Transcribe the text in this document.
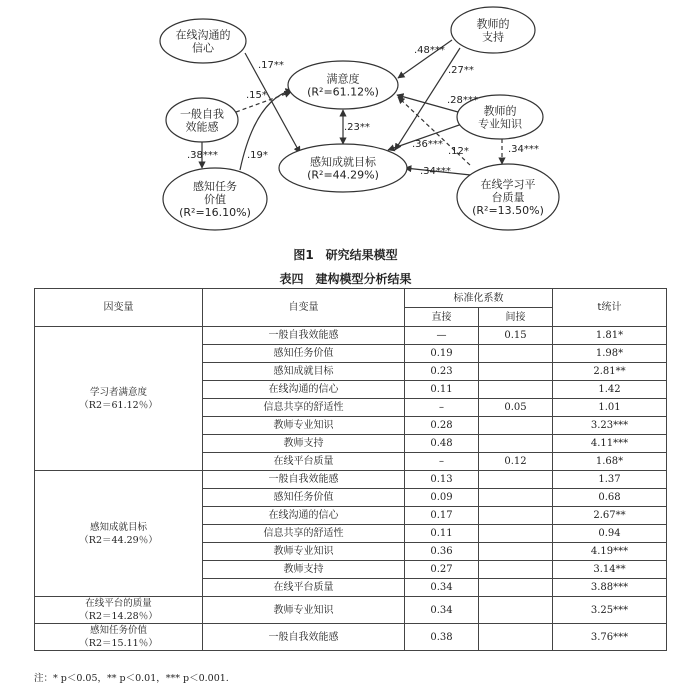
在线沟通的
信心
一般自我
效能感
感知任务
价值
(R²=16.10%)
满意度
(R²=61.12%)
感知成就目标
(R²=44.29%)
教师的
支持
教师的
专业知识
在线学习平
台质量
(R²=13.50%)
.17**
.15*
.38***	.19*
.23**
.48***
.27**
.28***
.36***
.12*
.34***
.34***
图1　研究结果模型
表四　建构模型分析结果
因变量	自变量	标准化系数		t统计
		直接	间接	

学习者满意度
（R2＝61.12％）	一般自我效能感	—	0.15	1.81*
	感知任务价值	0.19		1.98*
	感知成就目标	0.23		2.81**
	在线沟通的信心	0.11		1.42
	信息共享的舒适性	–	0.05	1.01
	教师专业知识	0.28		3.23***
	教师支持	0.48		4.11***
	在线平台质量	–	0.12	1.68*

感知成就目标
（R2＝44.29％）	一般自我效能感	0.13		1.37
	感知任务价值	0.09		0.68
	在线沟通的信心	0.17		2.67**
	信息共享的舒适性	0.11		0.94
	教师专业知识	0.36		4.19***
	教师支持	0.27		3.14**
	在线平台质量	0.34		3.88***

在线平台的质量
（R2＝14.28％）	教师专业知识	0.34		3.25***

感知任务价值
（R2＝15.11％）	一般自我效能感	0.38		3.76***
注：* p＜0.05，** p＜0.01，*** p＜0.001.
